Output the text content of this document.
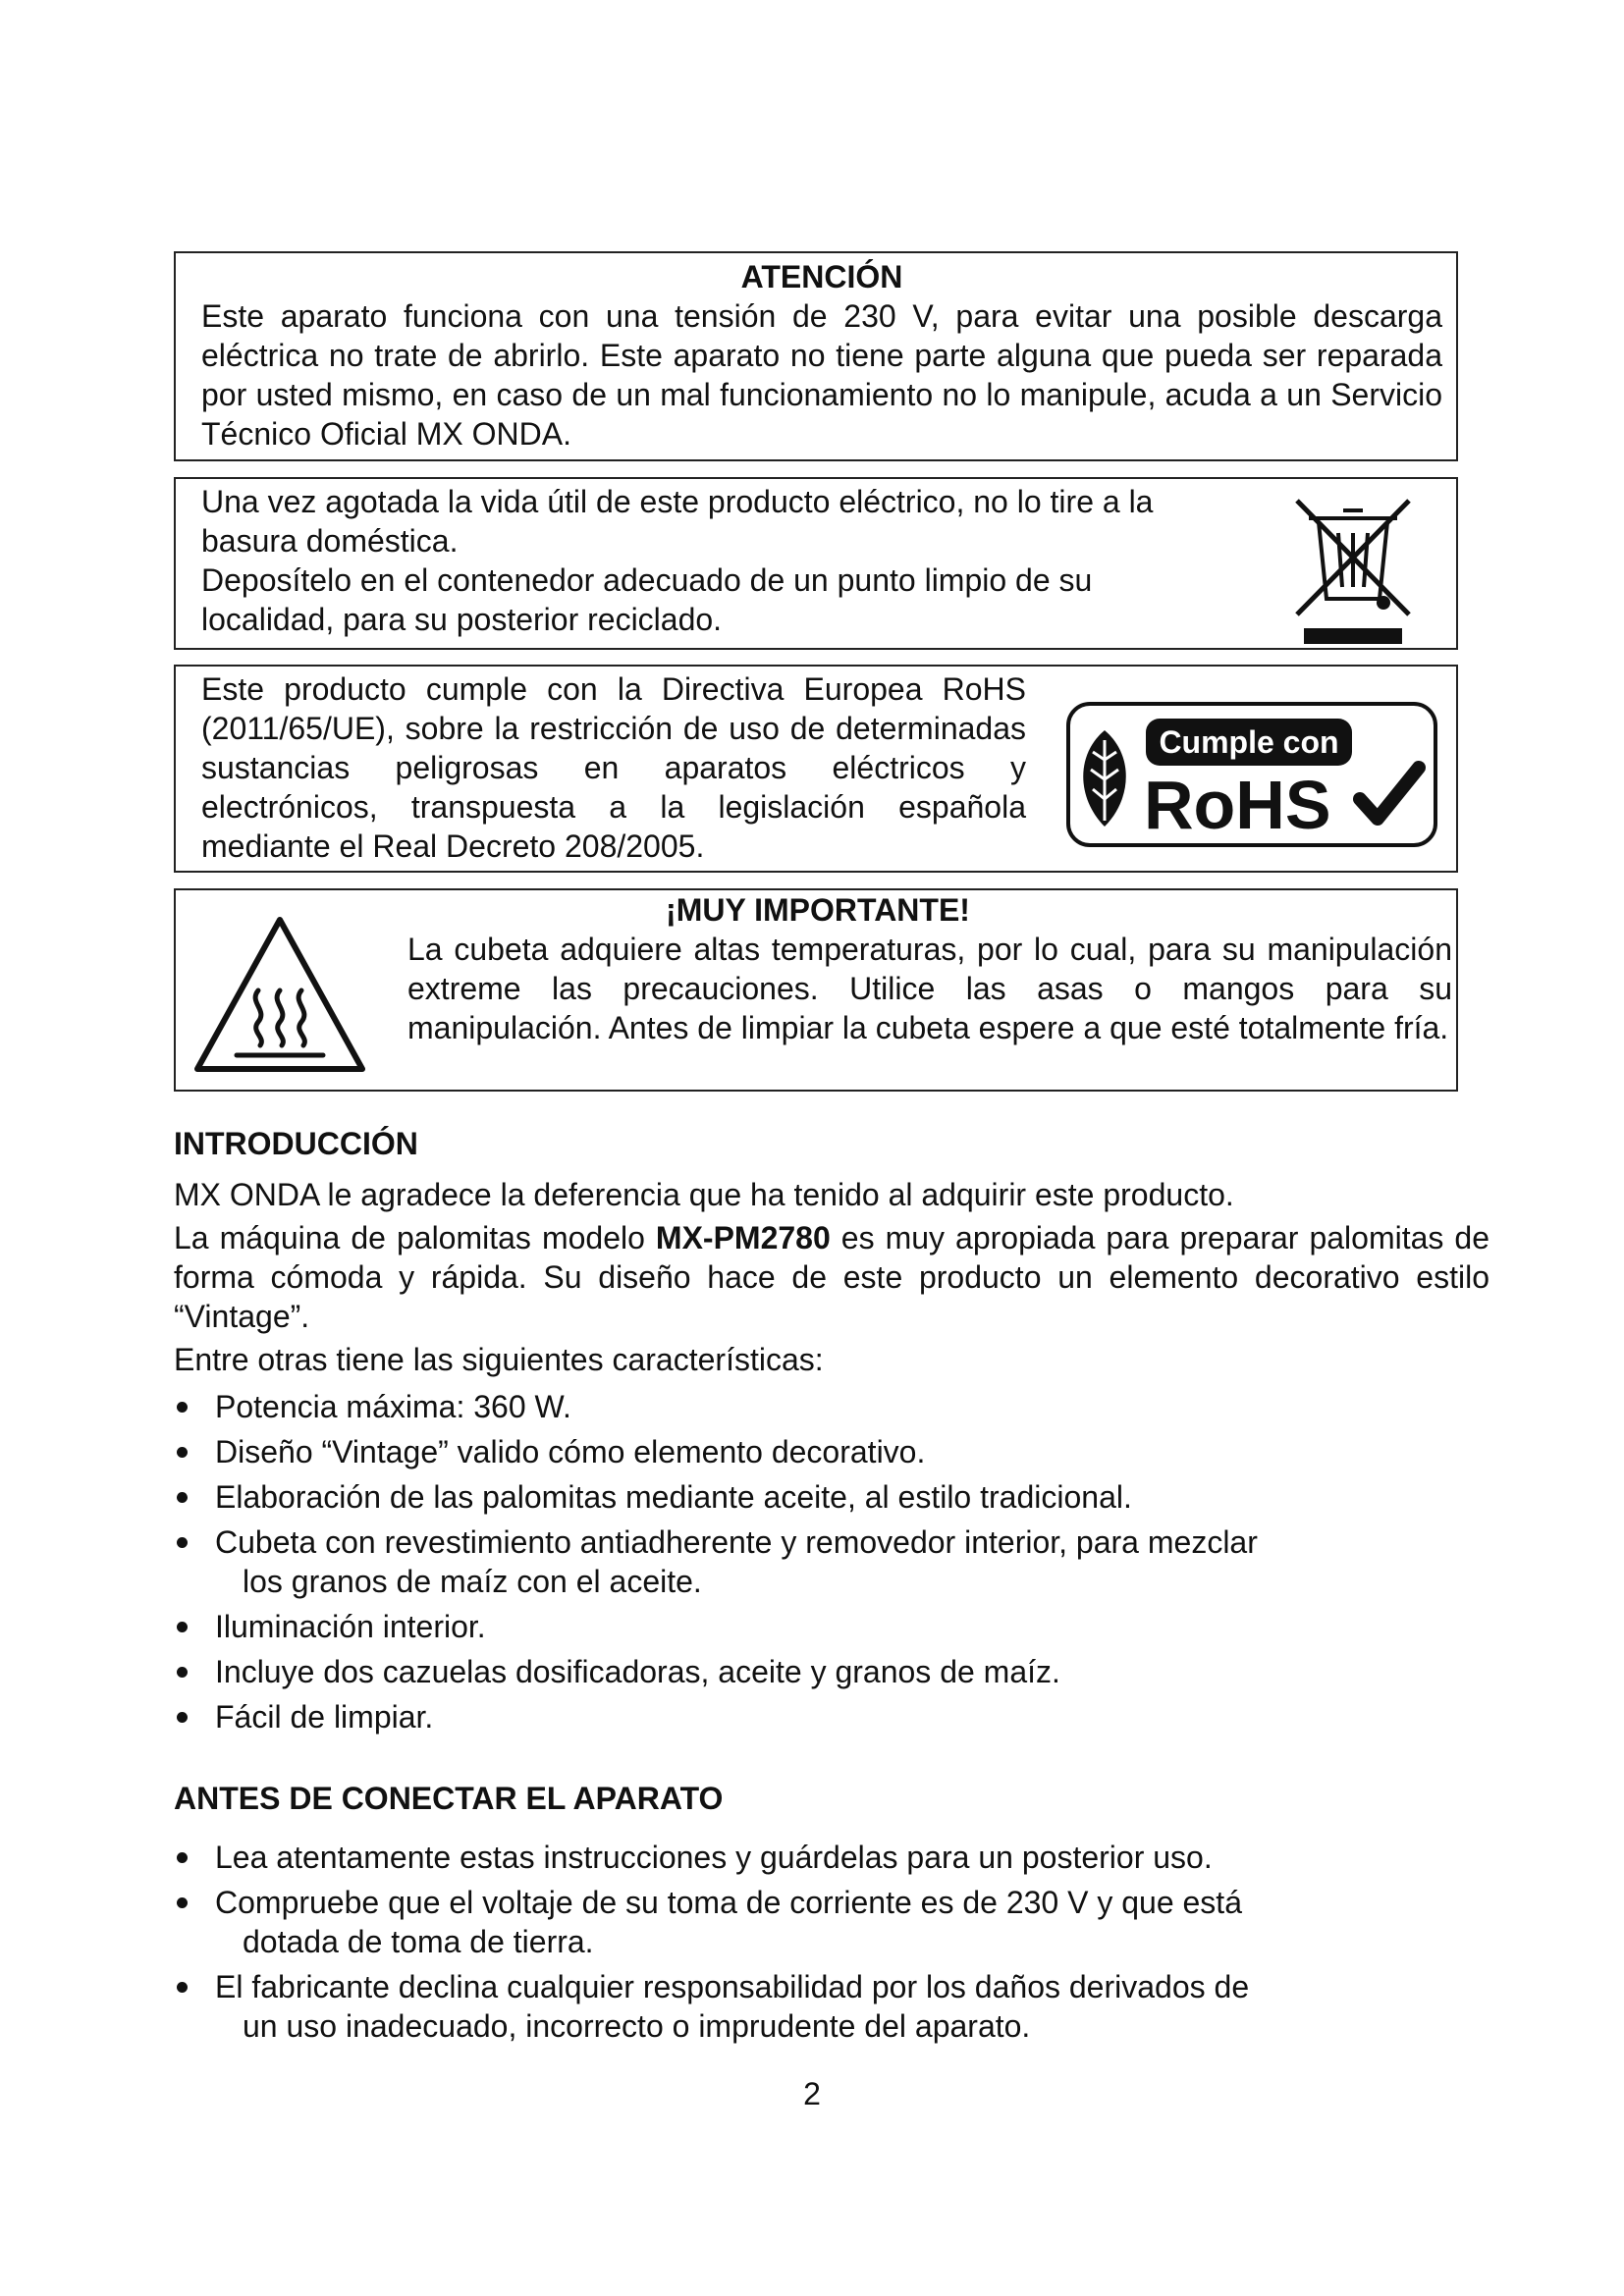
ATENCIÓN

Este aparato funciona con una tensión de 230 V, para evitar una posible descarga eléctrica no trate de abrirlo. Este aparato no tiene parte alguna que pueda ser reparada por usted mismo, en caso de un mal funcionamiento no lo manipule, acuda a un Servicio Técnico Oficial MX ONDA.

Una vez agotada la vida útil de este producto eléctrico, no lo tire a la basura doméstica.

Deposítelo en el contenedor adecuado de un punto limpio de su localidad, para su posterior reciclado.

Este producto cumple con la Directiva Europea RoHS (2011/65/UE), sobre la restricción de uso de determinadas sustancias peligrosas en aparatos eléctricos y electrónicos, transpuesta a la legislación española mediante el Real Decreto 208/2005.

Cumple con
RoHS
¡MUY IMPORTANTE!

La cubeta adquiere altas temperaturas, por lo cual, para su manipulación extreme las precauciones. Utilice las asas o mangos para su manipulación. Antes de limpiar la cubeta espere a que esté totalmente fría.

INTRODUCCIÓN

MX ONDA le agradece la deferencia que ha tenido al adquirir este producto.

La máquina de palomitas modelo MX-PM2780 es muy apropiada para preparar palomitas de forma cómoda y rápida. Su diseño hace de este producto un elemento decorativo estilo “Vintage”.

Entre otras tiene las siguientes características:

Potencia máxima: 360 W.
Diseño “Vintage” valido cómo elemento decorativo.
Elaboración de las palomitas mediante aceite, al estilo tradicional.
Cubeta con revestimiento antiadherente y removedor interior, para mezclar
los granos de maíz con el aceite.
Iluminación interior.
Incluye dos cazuelas dosificadoras, aceite y granos de maíz.
Fácil de limpiar.
ANTES DE CONECTAR EL APARATO
Lea atentamente estas instrucciones y guárdelas para un posterior uso.
Compruebe que el voltaje de su toma de corriente es de 230 V y que está
dotada de toma de tierra.
El fabricante declina cualquier responsabilidad por los daños derivados de
un uso inadecuado, incorrecto o imprudente del aparato.
2
